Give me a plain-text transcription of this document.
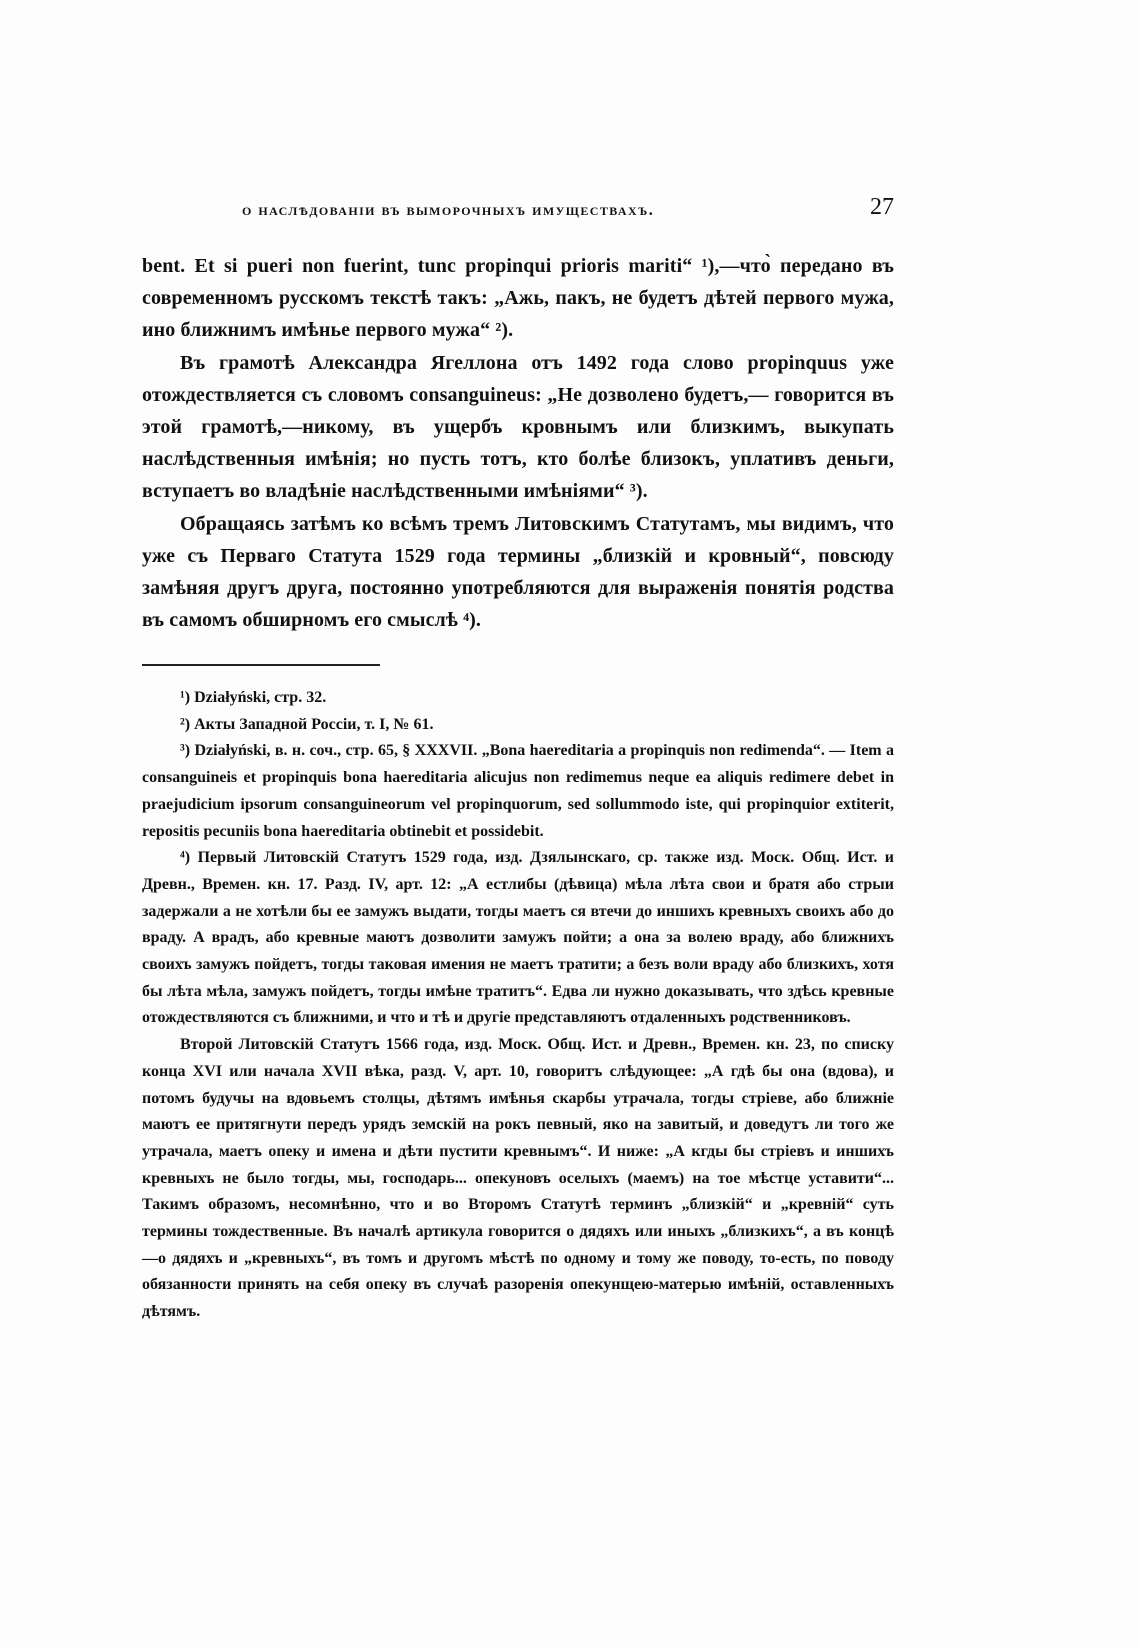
о наслѣдованіи въ выморочныхъ имуществахъ.	27

bent. Et si pueri non fuerint, tunc propinqui prioris mariti“ ¹),—что̀ передано въ современномъ русскомъ текстѣ такъ: „Ажь, пакъ, не будетъ дѣтей первого мужа, ино ближнимъ имѣнье первого мужа“ ²).

Въ грамотѣ Александра Ягеллона отъ 1492 года слово propinquus уже отождествляется съ словомъ consanguineus: „Не дозволено будетъ,— говорится въ этой грамотѣ,—никому, въ ущербъ кровнымъ или близкимъ, выкупать наслѣдственныя имѣнія; но пусть тотъ, кто болѣе близокъ, уплативъ деньги, вступаетъ во владѣніе наслѣдственными имѣніями“ ³).

Обращаясь затѣмъ ко всѣмъ тремъ Литовскимъ Статутамъ, мы видимъ, что уже съ Перваго Статута 1529 года термины „близкій и кровный“, повсюду замѣняя другъ друга, постоянно употребляются для выраженія понятія родства въ самомъ обширномъ его смыслѣ ⁴).

¹) Działyński, стр. 32.

²) Акты Западной Россіи, т. I, № 61.

³) Działyński, в. н. соч., стр. 65, § XXXVII. „Bona haereditaria a propinquis non redimenda“. — Item a consanguineis et propinquis bona haereditaria alicujus non redimemus neque ea aliquis redimere debet in praejudicium ipsorum consanguineorum vel propinquorum, sed sollummodo iste, qui propinquior extiterit, repositis pecuniis bona haereditaria obtinebit et possidebit.

⁴) Первый Литовскій Статутъ 1529 года, изд. Дзялынскаго, ср. также изд. Моск. Общ. Ист. и Древн., Времен. кн. 17. Разд. IV, арт. 12: „А естлибы (дѣвица) мѣла лѣта свои и братя або стрыи задержали а не хотѣли бы ее замужъ выдати, тогды маетъ ся втечи до иншихъ кревныхъ своихъ або до враду. А врадъ, або кревные маютъ дозволити замужъ пойти; а она за волею враду, або ближнихъ своихъ замужъ пойдетъ, тогды таковая имения не маетъ тратити; а безъ воли враду або близкихъ, хотя бы лѣта мѣла, замужъ пойдетъ, тогды имѣне тратитъ“. Едва ли нужно доказывать, что здѣсь кревные отождествляются съ ближними, и что и тѣ и другіе представляютъ отдаленныхъ родственниковъ.

Второй Литовскій Статутъ 1566 года, изд. Моск. Общ. Ист. и Древн., Времен. кн. 23, по списку конца XVI или начала XVII вѣка, разд. V, арт. 10, говоритъ слѣдующее: „А гдѣ бы она (вдова), и потомъ будучы на вдовьемъ столцы, дѣтямъ имѣнья скарбы утрачала, тогды стріеве, або ближніе маютъ ее притягнути передъ урядъ земскій на рокъ певный, яко на завитый, и доведутъ ли того же утрачала, маетъ опеку и имена и дѣти пустити кревнымъ“. И ниже: „А кгды бы стріевъ и иншихъ кревныхъ не было тогды, мы, господарь... опекуновъ оселыхъ (маемъ) на тое мѣстце уставити“... Такимъ образомъ, несомнѣнно, что и во Второмъ Статутѣ терминъ „близкій“ и „кревній“ суть термины тождественные. Въ началѣ артикула говорится о дядяхъ или иныхъ „близкихъ“, а въ концѣ—о дядяхъ и „кревныхъ“, въ томъ и другомъ мѣстѣ по одному и тому же поводу, то-есть, по поводу обязанности принять на себя опеку въ случаѣ разоренія опекунщею-матерью имѣній, оставленныхъ дѣтямъ.
